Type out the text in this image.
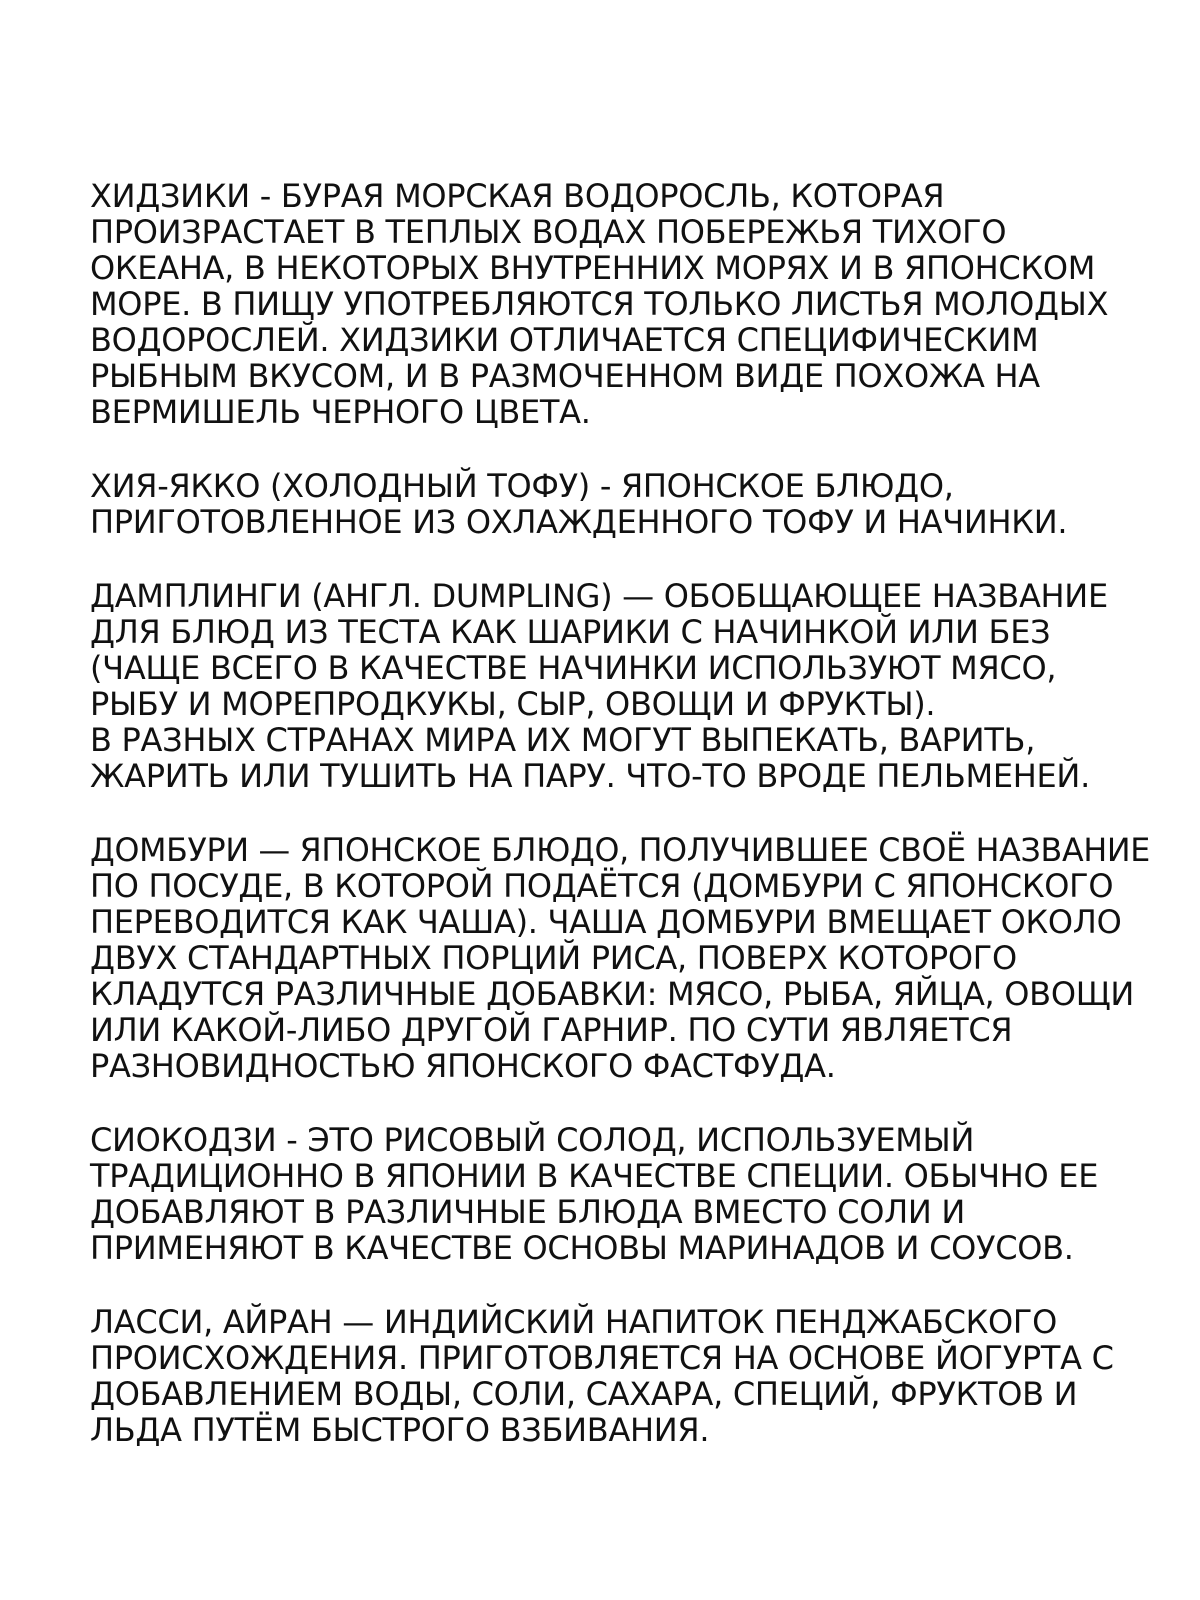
ХИДЗИКИ - БУРАЯ МОРСКАЯ ВОДОРОСЛЬ, КОТОРАЯ
ПРОИЗРАСТАЕТ В ТЕПЛЫХ ВОДАХ ПОБЕРЕЖЬЯ ТИХОГО
ОКЕАНА, В НЕКОТОРЫХ ВНУТРЕННИХ МОРЯХ И В ЯПОНСКОМ
МОРЕ. В ПИЩУ УПОТРЕБЛЯЮТСЯ ТОЛЬКО ЛИСТЬЯ МОЛОДЫХ
ВОДОРОСЛЕЙ. ХИДЗИКИ ОТЛИЧАЕТСЯ СПЕЦИФИЧЕСКИМ
РЫБНЫМ ВКУСОМ, И В РАЗМОЧЕННОМ ВИДЕ ПОХОЖА НА
ВЕРМИШЕЛЬ ЧЕРНОГО ЦВЕТА.
ХИЯ-ЯККО (ХОЛОДНЫЙ ТОФУ) - ЯПОНСКОЕ БЛЮДО,
ПРИГОТОВЛЕННОЕ ИЗ ОХЛАЖДЕННОГО ТОФУ И НАЧИНКИ.
ДАМПЛИНГИ (АНГЛ. DUMPLING) — ОБОБЩАЮЩЕЕ НАЗВАНИЕ
ДЛЯ БЛЮД ИЗ ТЕСТА КАК ШАРИКИ С НАЧИНКОЙ ИЛИ БЕЗ
(ЧАЩЕ ВСЕГО В КАЧЕСТВЕ НАЧИНКИ ИСПОЛЬЗУЮТ МЯСО,
РЫБУ И МОРЕПРОДКУКЫ, СЫР, ОВОЩИ И ФРУКТЫ).
В РАЗНЫХ СТРАНАХ МИРА ИХ МОГУТ ВЫПЕКАТЬ, ВАРИТЬ,
ЖАРИТЬ ИЛИ ТУШИТЬ НА ПАРУ. ЧТО-ТО ВРОДЕ ПЕЛЬМЕНЕЙ.
ДОМБУРИ — ЯПОНСКОЕ БЛЮДО, ПОЛУЧИВШЕЕ СВОЁ НАЗВАНИЕ
ПО ПОСУДЕ, В КОТОРОЙ ПОДАЁТСЯ (ДОМБУРИ С ЯПОНСКОГО
ПЕРЕВОДИТСЯ КАК ЧАША). ЧАША ДОМБУРИ ВМЕЩАЕТ ОКОЛО
ДВУХ СТАНДАРТНЫХ ПОРЦИЙ РИСА, ПОВЕРХ КОТОРОГО
КЛАДУТСЯ РАЗЛИЧНЫЕ ДОБАВКИ: МЯСО, РЫБА, ЯЙЦА, ОВОЩИ
ИЛИ КАКОЙ-ЛИБО ДРУГОЙ ГАРНИР. ПО СУТИ ЯВЛЯЕТСЯ
РАЗНОВИДНОСТЬЮ ЯПОНСКОГО ФАСТФУДА.
СИОКОДЗИ - ЭТО РИСОВЫЙ СОЛОД, ИСПОЛЬЗУЕМЫЙ
ТРАДИЦИОННО В ЯПОНИИ В КАЧЕСТВЕ СПЕЦИИ. ОБЫЧНО ЕЕ
ДОБАВЛЯЮТ В РАЗЛИЧНЫЕ БЛЮДА ВМЕСТО СОЛИ И
ПРИМЕНЯЮТ В КАЧЕСТВЕ ОСНОВЫ МАРИНАДОВ И СОУСОВ.
ЛАССИ, АЙРАН — ИНДИЙСКИЙ НАПИТОК ПЕНДЖАБСКОГО
ПРОИСХОЖДЕНИЯ. ПРИГОТОВЛЯЕТСЯ НА ОСНОВЕ ЙОГУРТА С
ДОБАВЛЕНИЕМ ВОДЫ, СОЛИ, САХАРА, СПЕЦИЙ, ФРУКТОВ И
ЛЬДА ПУТЁМ БЫСТРОГО ВЗБИВАНИЯ.
